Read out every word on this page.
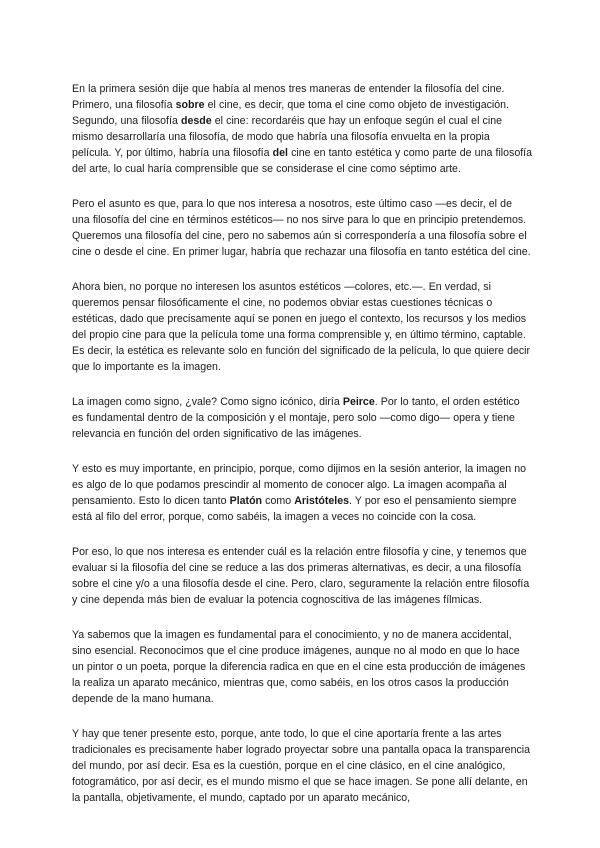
En la primera sesión dije que había al menos tres maneras de entender la filosofía del cine. Primero, una filosofía sobre el cine, es decir, que toma el cine como objeto de investigación. Segundo, una filosofía desde el cine: recordaréis que hay un enfoque según el cual el cine mismo desarrollaría una filosofía, de modo que habría una filosofía envuelta en la propia película. Y, por último, habría una filosofía del cine en tanto estética y como parte de una filosofía del arte, lo cual haría comprensible que se considerase el cine como séptimo arte.

Pero el asunto es que, para lo que nos interesa a nosotros, este último caso —es decir, el de una filosofía del cine en términos estéticos— no nos sirve para lo que en principio pretendemos. Queremos una filosofía del cine, pero no sabemos aún si correspondería a una filosofía sobre el cine o desde el cine. En primer lugar, habría que rechazar una filosofía en tanto estética del cine.

Ahora bien, no porque no interesen los asuntos estéticos —colores, etc.—. En verdad, si queremos pensar filosóficamente el cine, no podemos obviar estas cuestiones técnicas o estéticas, dado que precisamente aquí se ponen en juego el contexto, los recursos y los medios del propio cine para que la película tome una forma comprensible y, en último término, captable. Es decir, la estética es relevante solo en función del significado de la película, lo que quiere decir que lo importante es la imagen.

La imagen como signo, ¿vale? Como signo icónico, diría Peirce. Por lo tanto, el orden estético es fundamental dentro de la composición y el montaje, pero solo —como digo— opera y tiene relevancia en función del orden significativo de las imágenes.

Y esto es muy importante, en principio, porque, como dijimos en la sesión anterior, la imagen no es algo de lo que podamos prescindir al momento de conocer algo. La imagen acompaña al pensamiento. Esto lo dicen tanto Platón como Aristóteles. Y por eso el pensamiento siempre está al filo del error, porque, como sabéis, la imagen a veces no coincide con la cosa.

Por eso, lo que nos interesa es entender cuál es la relación entre filosofía y cine, y tenemos que evaluar si la filosofía del cine se reduce a las dos primeras alternativas, es decir, a una filosofía sobre el cine y/o a una filosofía desde el cine. Pero, claro, seguramente la relación entre filosofía y cine dependa más bien de evaluar la potencia cognoscitiva de las imágenes fílmicas.

Ya sabemos que la imagen es fundamental para el conocimiento, y no de manera accidental, sino esencial. Reconocimos que el cine produce imágenes, aunque no al modo en que lo hace un pintor o un poeta, porque la diferencia radica en que en el cine esta producción de imágenes la realiza un aparato mecánico, mientras que, como sabéis, en los otros casos la producción depende de la mano humana.

Y hay que tener presente esto, porque, ante todo, lo que el cine aportaría frente a las artes tradicionales es precisamente haber logrado proyectar sobre una pantalla opaca la transparencia del mundo, por así decir. Esa es la cuestión, porque en el cine clásico, en el cine analógico, fotogramático, por así decir, es el mundo mismo el que se hace imagen. Se pone allí delante, en la pantalla, objetivamente, el mundo, captado por un aparato mecánico,
